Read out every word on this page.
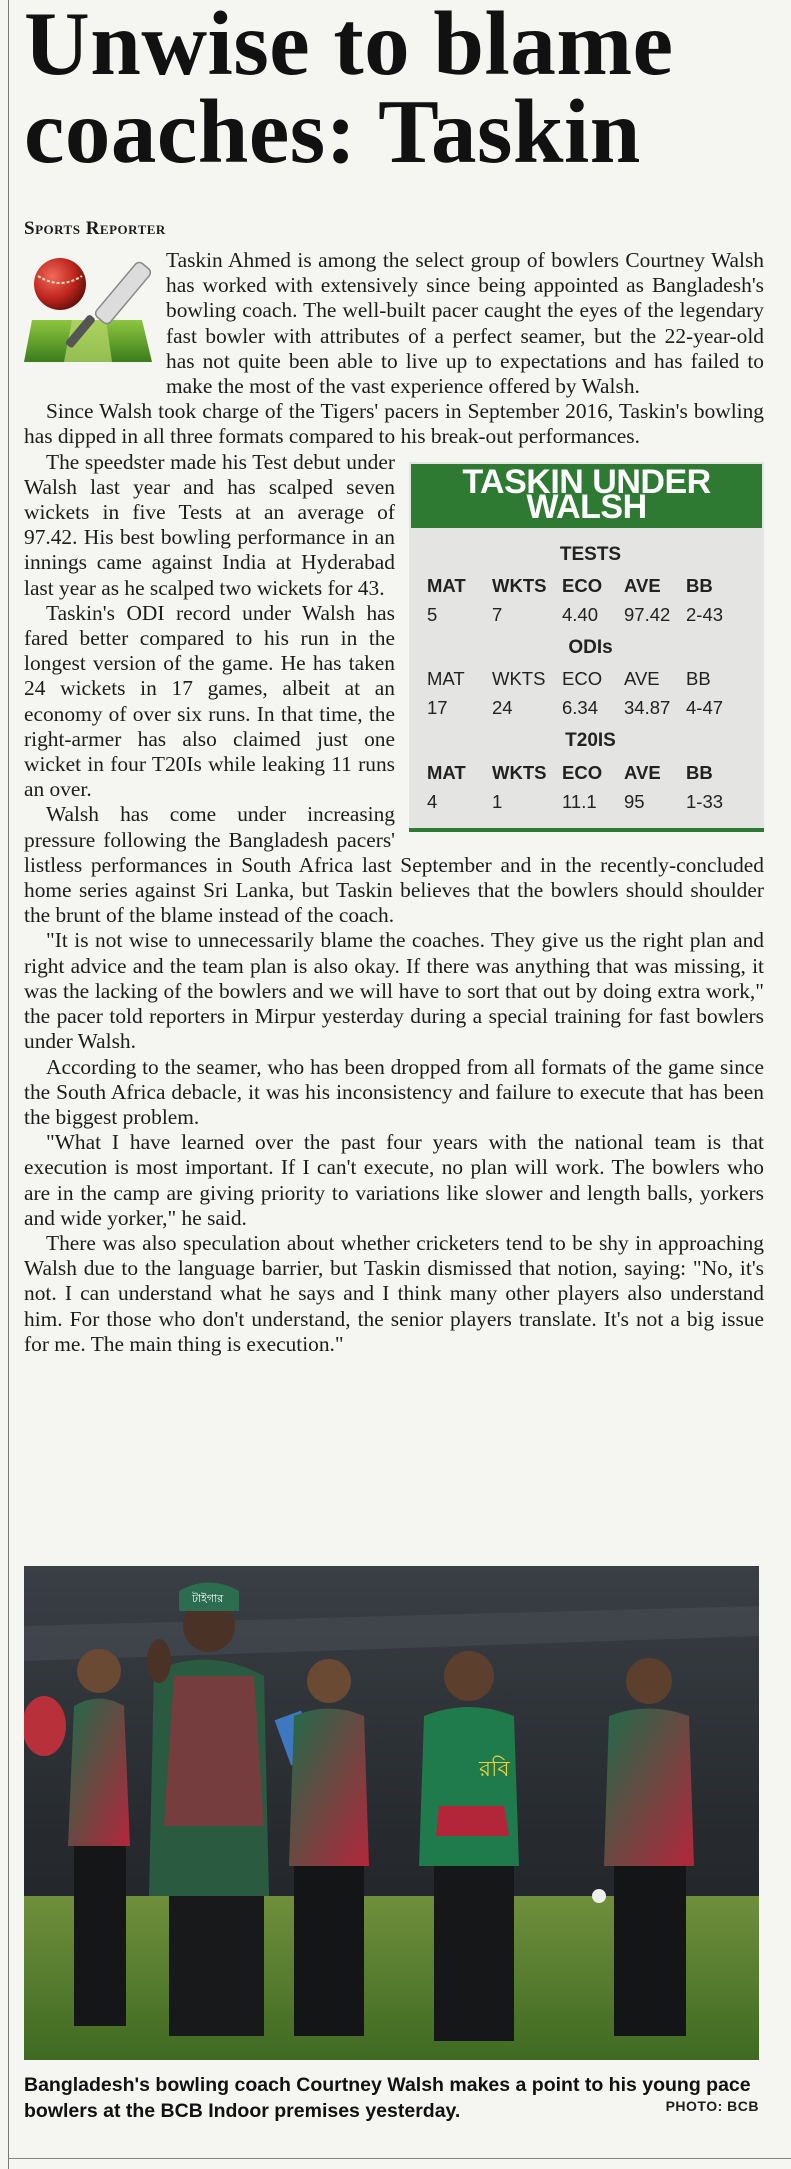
Unwise to blame coaches: Taskin
Sports Reporter

Taskin Ahmed is among the select group of bowlers Courtney Walsh has worked with extensively since being appointed as Bangladesh's bowling coach. The well-built pacer caught the eyes of the legendary fast bowler with attributes of a perfect seamer, but the 22-year-old has not quite been able to live up to expectations and has failed to make the most of the vast experience offered by Walsh.

Since Walsh took charge of the Tigers' pacers in September 2016, Taskin's bowling has dipped in all three formats compared to his break-out performances.

TASKIN UNDER WALSH
TESTS
MAT	WKTS ECO	AVE	BB
5	7	4.40	97.42 2-43
ODIs
MAT	WKTS ECO	AVE	BB
17	24	6.34	34.87 4-47
T20IS
MAT	WKTS ECO	AVE	BB
4	1	11.1	95	1-33

The speedster made his Test debut under Walsh last year and has scalped seven wickets in five Tests at an average of 97.42. His best bowling performance in an innings came against India at Hyderabad last year as he scalped two wickets for 43.

Taskin's ODI record under Walsh has fared better compared to his run in the longest version of the game. He has taken 24 wickets in 17 games, albeit at an economy of over six runs. In that time, the right-armer has also claimed just one wicket in four T20Is while leaking 11 runs an over.

Walsh has come under increasing pressure following the Bangladesh pacers' listless performances in South Africa last September and in the recently-concluded home series against Sri Lanka, but Taskin believes that the bowlers should shoulder the brunt of the blame instead of the coach.

"It is not wise to unnecessarily blame the coaches. They give us the right plan and right advice and the team plan is also okay. If there was anything that was missing, it was the lacking of the bowlers and we will have to sort that out by doing extra work," the pacer told reporters in Mirpur yesterday during a special training for fast bowlers under Walsh.

According to the seamer, who has been dropped from all formats of the game since the South Africa debacle, it was his inconsistency and failure to execute that has been the biggest problem.

"What I have learned over the past four years with the national team is that execution is most important. If I can't execute, no plan will work. The bowlers who are in the camp are giving priority to variations like slower and length balls, yorkers and wide yorker," he said.

There was also speculation about whether cricketers tend to be shy in approaching Walsh due to the language barrier, but Taskin dismissed that notion, saying: "No, it's not. I can understand what he says and I think many other players also understand him. For those who don't understand, the senior players translate. It's not a big issue for me. The main thing is execution."

রবি
টাইগার
Bangladesh's bowling coach Courtney Walsh makes a point to his young pace bowlers at the BCB Indoor premises yesterday.	PHOTO: BCB
